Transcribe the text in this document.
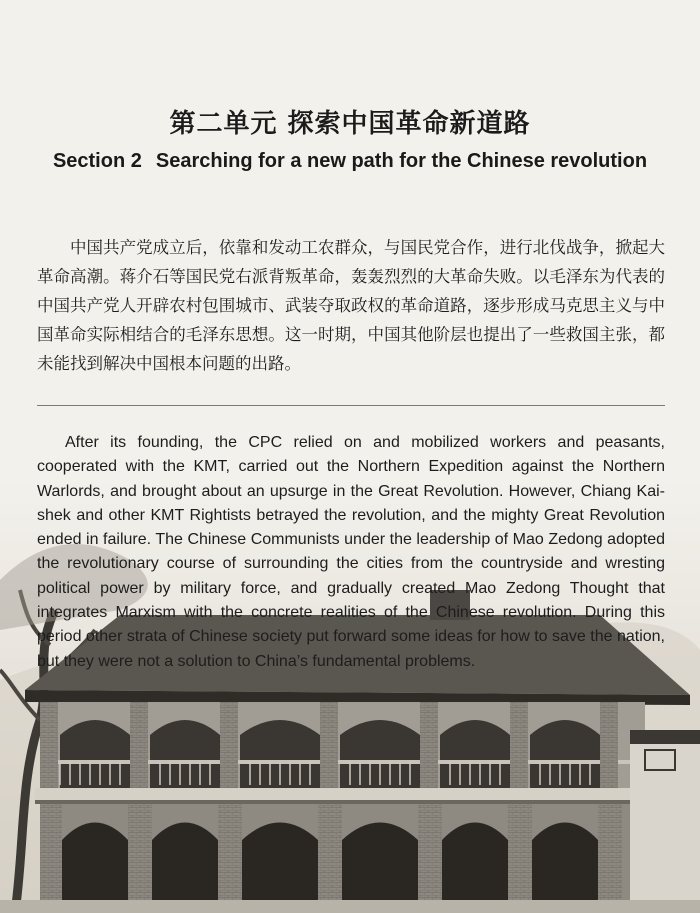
第二单元 探索中国革命新道路
Section 2 Searching for a new path for the Chinese revolution

中国共产党成立后，依靠和发动工农群众，与国民党合作，进行北伐战争，掀起大革命高潮。蒋介石等国民党右派背叛革命，轰轰烈烈的大革命失败。以毛泽东为代表的中国共产党人开辟农村包围城市、武装夺取政权的革命道路，逐步形成马克思主义与中国革命实际相结合的毛泽东思想。这一时期，中国其他阶层也提出了一些救国主张，都未能找到解决中国根本问题的出路。

After its founding, the CPC relied on and mobilized workers and peasants, cooperated with the KMT, carried out the Northern Expedition against the Northern Warlords, and brought about an upsurge in the Great Revolution. However, Chiang Kai-shek and other KMT Rightists betrayed the revolution, and the mighty Great Revolution ended in failure. The Chinese Communists under the leadership of Mao Zedong adopted the revolutionary course of surrounding the cities from the countryside and wresting political power by military force, and gradually created Mao Zedong Thought that integrates Marxism with the concrete realities of the Chinese revolution. During this period other strata of Chinese society put forward some ideas for how to save the nation, but they were not a solution to China’s fundamental problems.
